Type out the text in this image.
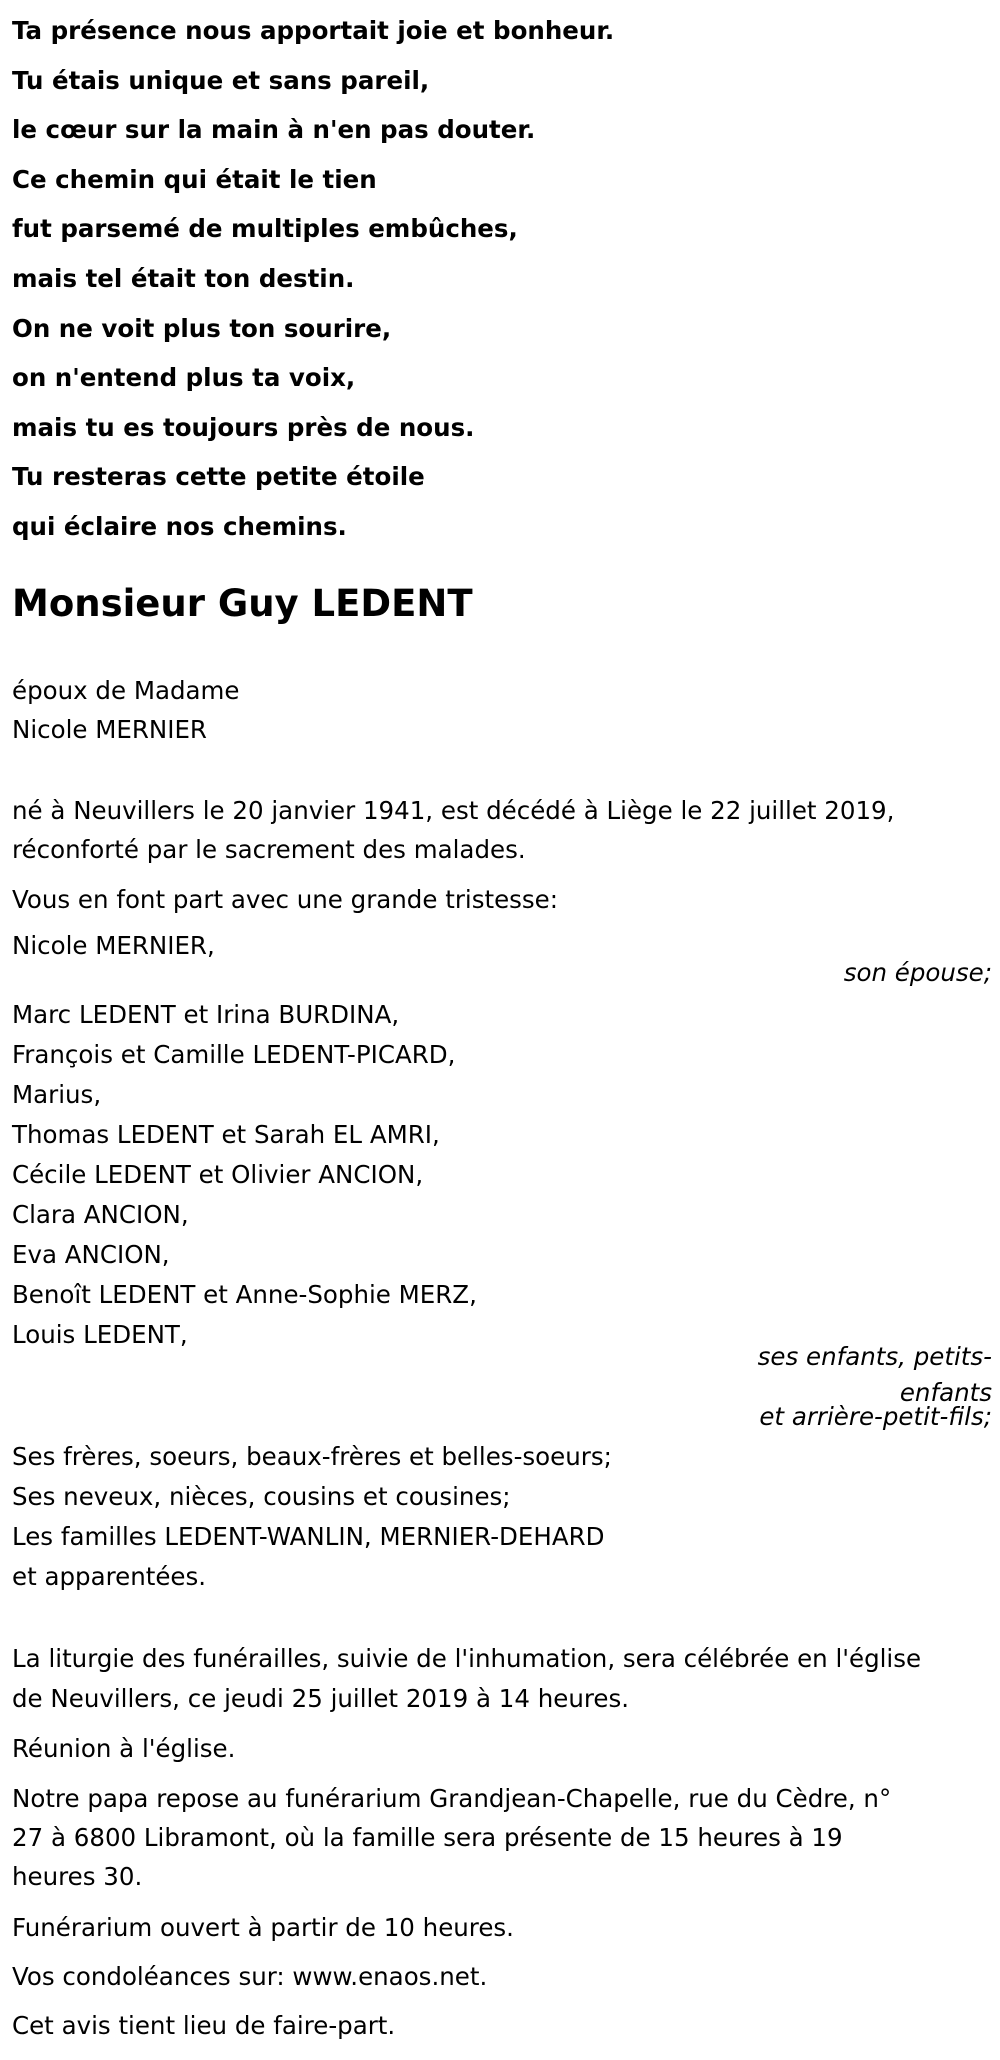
Ta présence nous apportait joie et bonheur.
Tu étais unique et sans pareil,
le cœur sur la main à n'en pas douter.
Ce chemin qui était le tien
fut parsemé de multiples embûches,
mais tel était ton destin.
On ne voit plus ton sourire,
on n'entend plus ta voix,
mais tu es toujours près de nous.
Tu resteras cette petite étoile
qui éclaire nos chemins.
Monsieur Guy LEDENT
époux de Madame
Nicole MERNIER
né à Neuvillers le 20 janvier 1941, est décédé à Liège le 22 juillet 2019,
réconforté par le sacrement des malades.
Vous en font part avec une grande tristesse:
Nicole MERNIER,
son épouse;
Marc LEDENT et Irina BURDINA,
François et Camille LEDENT-PICARD,
Marius,
Thomas LEDENT et Sarah EL AMRI,
Cécile LEDENT et Olivier ANCION,
Clara ANCION,
Eva ANCION,
Benoît LEDENT et Anne-Sophie MERZ,
Louis LEDENT,
ses enfants, petits-
enfants
et arrière-petit-fils;
Ses frères, soeurs, beaux-frères et belles-soeurs;
Ses neveux, nièces, cousins et cousines;
Les familles LEDENT-WANLIN, MERNIER-DEHARD
et apparentées.
La liturgie des funérailles, suivie de l'inhumation, sera célébrée en l'église
de Neuvillers, ce jeudi 25 juillet 2019 à 14 heures.
Réunion à l'église.
Notre papa repose au funérarium Grandjean-Chapelle, rue du Cèdre, n°
27 à 6800 Libramont, où la famille sera présente de 15 heures à 19
heures 30.
Funérarium ouvert à partir de 10 heures.
Vos condoléances sur: www.enaos.net.
Cet avis tient lieu de faire-part.
